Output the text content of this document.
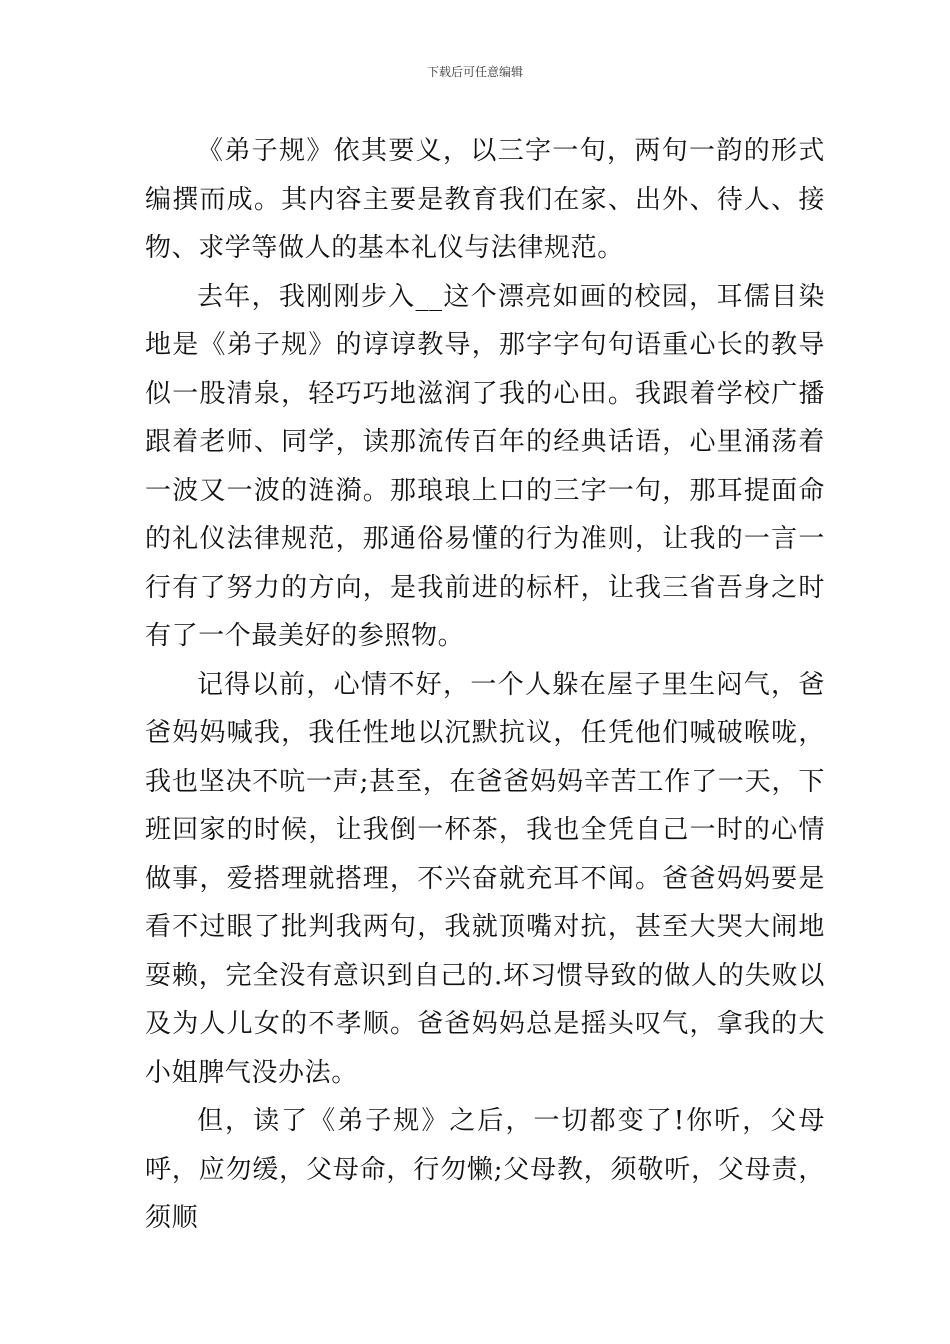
下载后可任意编辑

《弟子规》依其要义，以三字一句，两句一韵的形式编撰而成。其内容主要是教育我们在家、出外、待人、接物、求学等做人的基本礼仪与法律规范。

去年，我刚刚步入__这个漂亮如画的校园，耳儒目染地是《弟子规》的谆谆教导，那字字句句语重心长的教导似一股清泉，轻巧巧地滋润了我的心田。我跟着学校广播跟着老师、同学，读那流传百年的经典话语，心里涌荡着一波又一波的涟漪。那琅琅上口的三字一句，那耳提面命的礼仪法律规范，那通俗易懂的行为准则，让我的一言一行有了努力的方向，是我前进的标杆，让我三省吾身之时有了一个最美好的参照物。

记得以前，心情不好，一个人躲在屋子里生闷气，爸爸妈妈喊我，我任性地以沉默抗议，任凭他们喊破喉咙，我也坚决不吭一声;甚至，在爸爸妈妈辛苦工作了一天，下班回家的时候，让我倒一杯茶，我也全凭自己一时的心情做事，爱搭理就搭理，不兴奋就充耳不闻。爸爸妈妈要是看不过眼了批判我两句，我就顶嘴对抗，甚至大哭大闹地耍赖，完全没有意识到自己的.坏习惯导致的做人的失败以及为人儿女的不孝顺。爸爸妈妈总是摇头叹气，拿我的大小姐脾气没办法。

但，读了《弟子规》之后，一切都变了!你听，父母呼，应勿缓，父母命，行勿懒;父母教，须敬听，父母责，须顺
